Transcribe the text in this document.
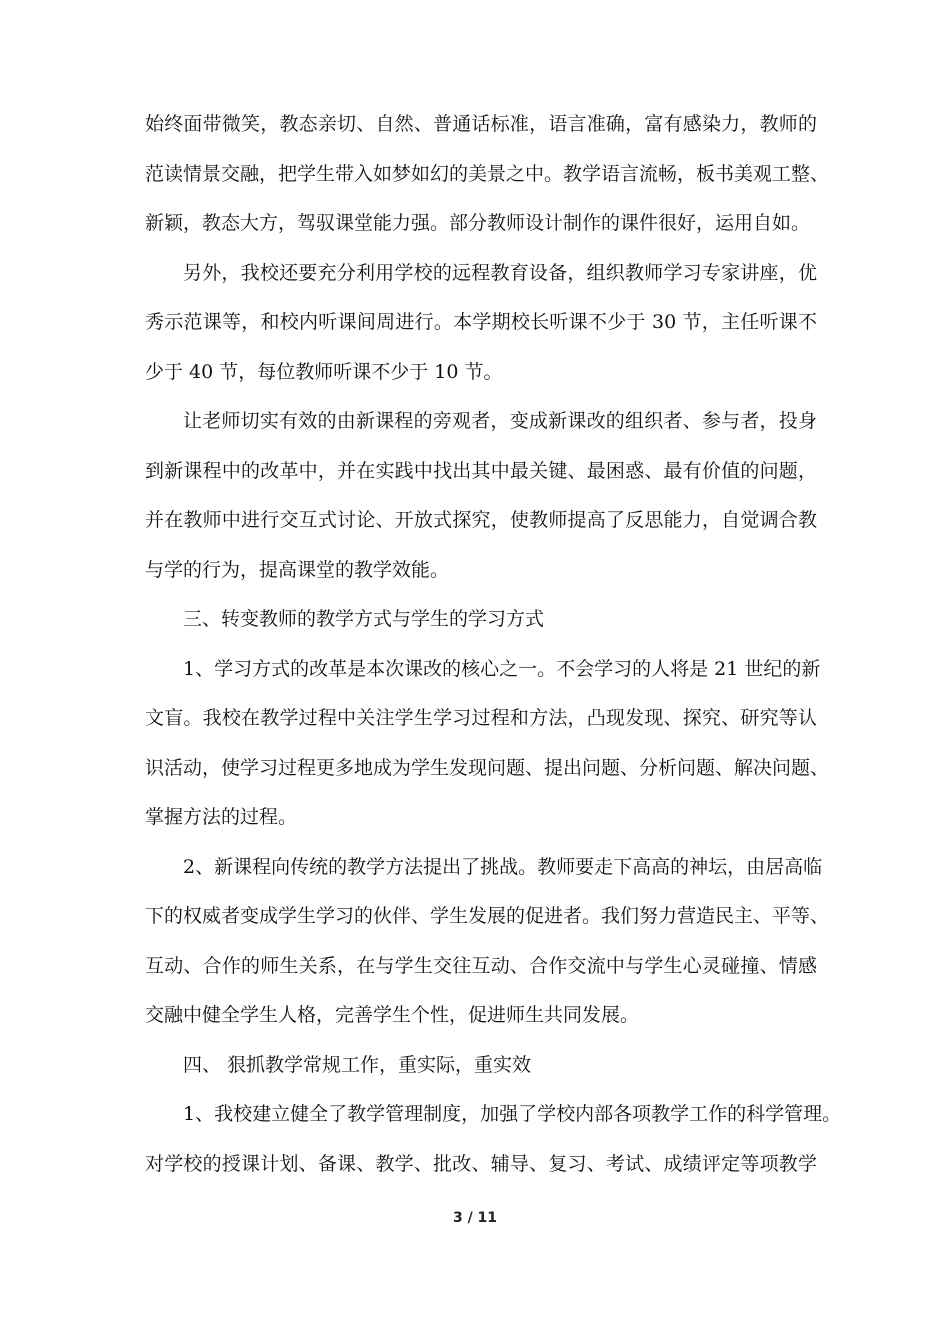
始终面带微笑，教态亲切、自然、普通话标准，语言准确，富有感染力，教师的
范读情景交融，把学生带入如梦如幻的美景之中。教学语言流畅，板书美观工整、
新颖，教态大方，驾驭课堂能力强。部分教师设计制作的课件很好，运用自如。
另外，我校还要充分利用学校的远程教育设备，组织教师学习专家讲座，优
秀示范课等，和校内听课间周进行。本学期校长听课不少于 30 节，主任听课不
少于 40 节，每位教师听课不少于 10 节。
让老师切实有效的由新课程的旁观者，变成新课改的组织者、参与者，投身
到新课程中的改革中，并在实践中找出其中最关键、最困惑、最有价值的问题，
并在教师中进行交互式讨论、开放式探究，使教师提高了反思能力，自觉调合教
与学的行为，提高课堂的教学效能。
三、转变教师的教学方式与学生的学习方式
1、学习方式的改革是本次课改的核心之一。不会学习的人将是 21 世纪的新
文盲。我校在教学过程中关注学生学习过程和方法，凸现发现、探究、研究等认
识活动，使学习过程更多地成为学生发现问题、提出问题、分析问题、解决问题、
掌握方法的过程。
2、新课程向传统的教学方法提出了挑战。教师要走下高高的神坛，由居高临
下的权威者变成学生学习的伙伴、学生发展的促进者。我们努力营造民主、平等、
互动、合作的师生关系，在与学生交往互动、合作交流中与学生心灵碰撞、情感
交融中健全学生人格，完善学生个性，促进师生共同发展。
四、 狠抓教学常规工作，重实际，重实效
1、我校建立健全了教学管理制度，加强了学校内部各项教学工作的科学管理。
对学校的授课计划、备课、教学、批改、辅导、复习、考试、成绩评定等项教学
3 / 11
